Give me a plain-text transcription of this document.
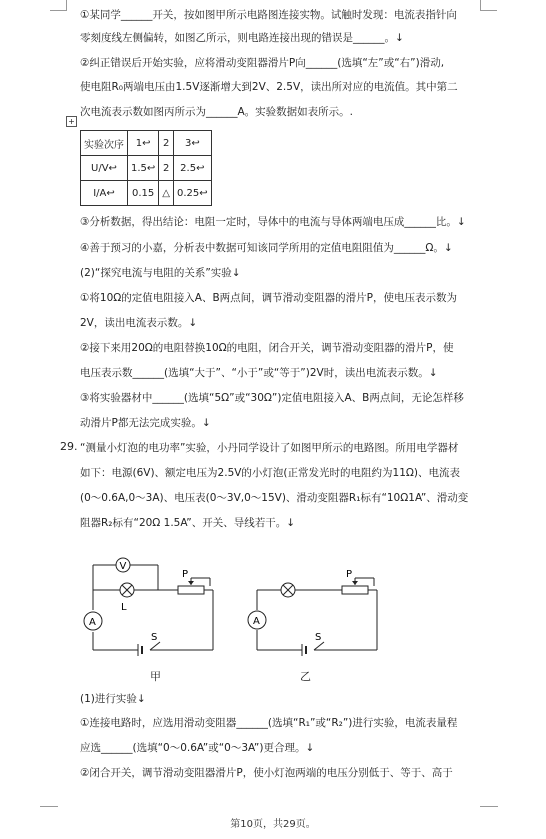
①某同学______开关，按如图甲所示电路图连接实物。试触时发现：电流表指针向
零刻度线左侧偏转，如图乙所示，则电路连接出现的错误是______。↓
②纠正错误后开始实验，应将滑动变阻器滑片P向______(选填“左”或“右”)滑动,
使电阻R₀两端电压由1.5V逐渐增大到2V、2.5V，读出所对应的电流值。其中第二
次电流表示数如图丙所示为______A。实验数据如表所示。.
③分析数据，得出结论：电阻一定时，导体中的电流与导体两端电压成______比。↓
④善于预习的小嘉，分析表中数据可知该同学所用的定值电阻阻值为______Ω。↓
(2)“探究电流与电阻的关系”实验↓
①将10Ω的定值电阻接入A、B两点间，调节滑动变阻器的滑片P，使电压表示数为
2V，读出电流表示数。↓
②接下来用20Ω的电阻替换10Ω的电阻，闭合开关，调节滑动变阻器的滑片P，使
电压表示数______(选填“大于”、“小于”或“等于”)2V时，读出电流表示数。↓
③将实验器材中______(选填“5Ω”或“30Ω”)定值电阻接入A、B两点间，无论怎样移
动滑片P都无法完成实验。↓
“测量小灯泡的电功率”实验，小丹同学设计了如图甲所示的电路图。所用电学器材
如下：电源(6V)、额定电压为2.5V的小灯泡(正常发光时的电阻约为11Ω)、电流表
(0～0.6A,0～3A)、电压表(0～3V,0～15V)、滑动变阻器R₁标有“10Ω1A”、滑动变
阻器R₂标有“20Ω 1.5A”、开关、导线若干。↓
(1)进行实验↓
①连接电路时，应选用滑动变阻器______(选填“R₁”或“R₂”)进行实验，电流表量程
应选______(选填“0～0.6A”或“0～3A”)更合理。↓
②闭合开关，调节滑动变阻器滑片P，使小灯泡两端的电压分别低于、等于、高于
29.
+
实验次序	1↩	2	3↩
U/V↩	1.5↩	2	2.5↩
I/A↩	0.15	△	0.25↩
V
L
A
P
S
A
P
S
甲	乙
第10页，共29页。
